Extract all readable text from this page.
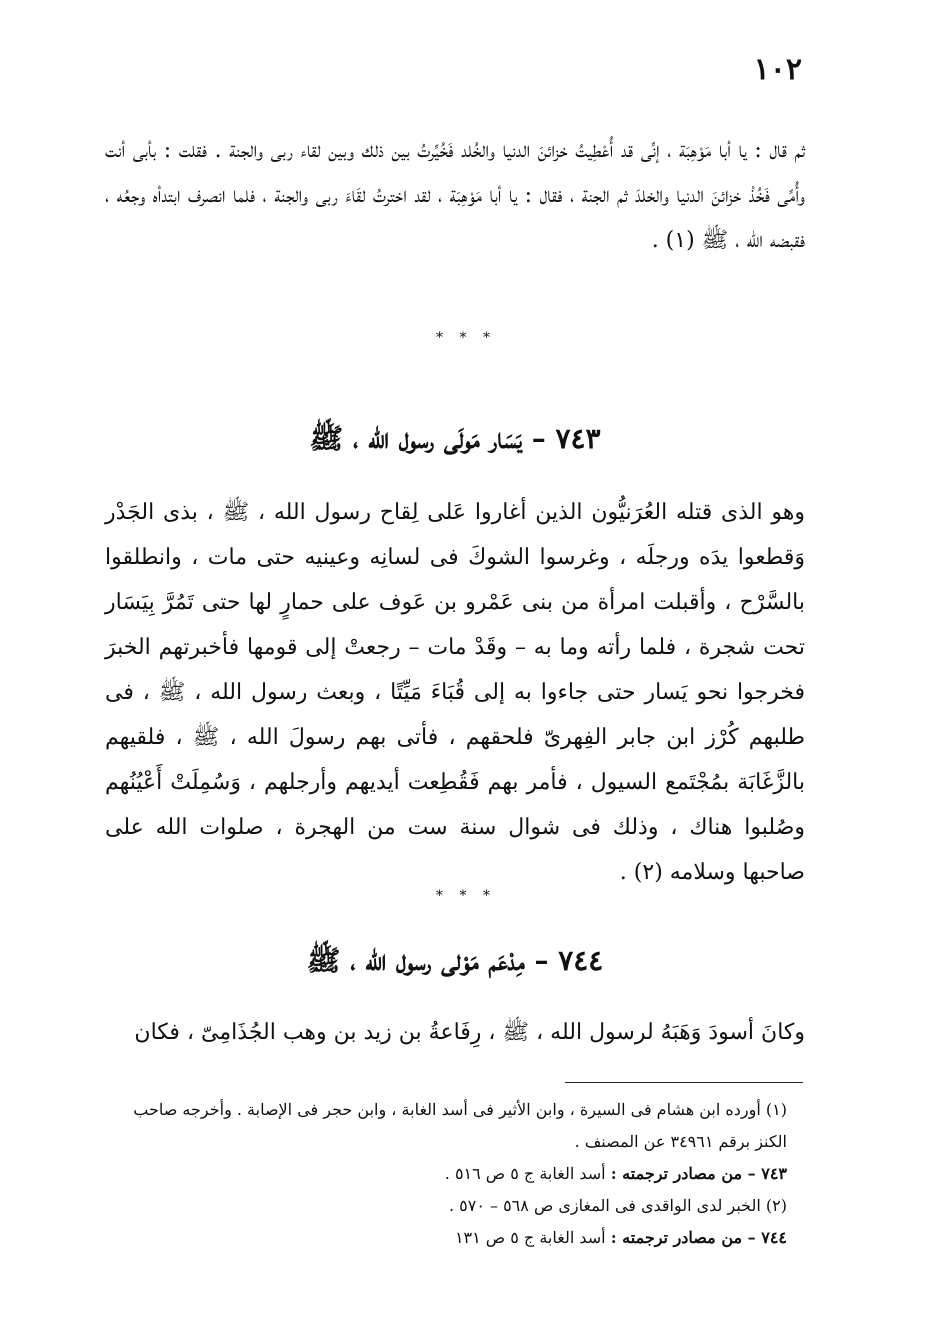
١٠٢

ثم قال : يا أبا مَوْهِبَة ، إنِّى قد أُعْطِيتُ خزائنَ الدنيا والخُلد فَخُيِّرتُ بين ذلك وبين لقاء ربى والجنة . فقلت : بأبى أنت وأُمِّى فَخُذْ خزائنَ الدنيا والخلدَ ثم الجنة ، فقال : يا أبا مَوْهِبَة ، لقد اخترتُ لقَاءَ ربى والجنة ، فلما انصرف ابتدأه وجعُه ، فقبضه الله ، ﷺ (١) .

* * *
٧٤٣ – يَسَار مَولَى رسول الله ، ﷺ

وهو الذى قتله العُرَنيُّون الذين أغاروا عَلى لِقاح رسول الله ، ﷺ ، بذى الجَدْر وَقطعوا يدَه ورجلَه ، وغرسوا الشوكَ فى لسانِه وعينيه حتى مات ، وانطلقوا بالسَّرْح ، وأقبلت امرأة من بنى عَمْرو بن عَوف على حمارٍ لها حتى تَمُرَّ بِيَسَار تحت شجرة ، فلما رأته وما به – وقَدْ مات – رجعتْ إلى قومها فأخبرتهم الخبرَ فخرجوا نحو يَسار حتى جاءوا به إلى قُبَاءَ مَيِّتًا ، وبعث رسول الله ، ﷺ ، فى طلبهم كُرْز ابن جابر الفِهرىّ فلحقهم ، فأتى بهم رسولَ الله ، ﷺ ، فلقيهم بالزَّغَابَة بمُجْتَمع السيول ، فأمر بهم فَقُطِعت أيديهم وأرجلهم ، وَسُمِلَتْ أَعْيُنُهم وصُلبوا هناك ، وذلك فى شوال سنة ست من الهجرة ، صلوات الله على صاحبها وسلامه (٢) .

* * *
٧٤٤ – مِدْعَم مَوْلى رسول الله ، ﷺ

وكانَ أسودَ وَهَبَهُ لرسول الله ، ﷺ ، رِفَاعةُ بن زيد بن وهب الجُذَامِىّ ، فكان

(١) أورده ابن هشام فى السيرة ، وابن الأثير فى أسد الغابة ، وابن حجر فى الإصابة . وأخرجه صاحب الكنز برقم ٣٤٩٦١ عن المصنف .

٧٤٣ – من مصادر ترجمته : أسد الغابة ج ٥ ص ٥١٦ .

(٢) الخبر لدى الواقدى فى المغازى ص ٥٦٨ – ٥٧٠ .

٧٤٤ – من مصادر ترجمته : أسد الغابة ج ٥ ص ١٣١
